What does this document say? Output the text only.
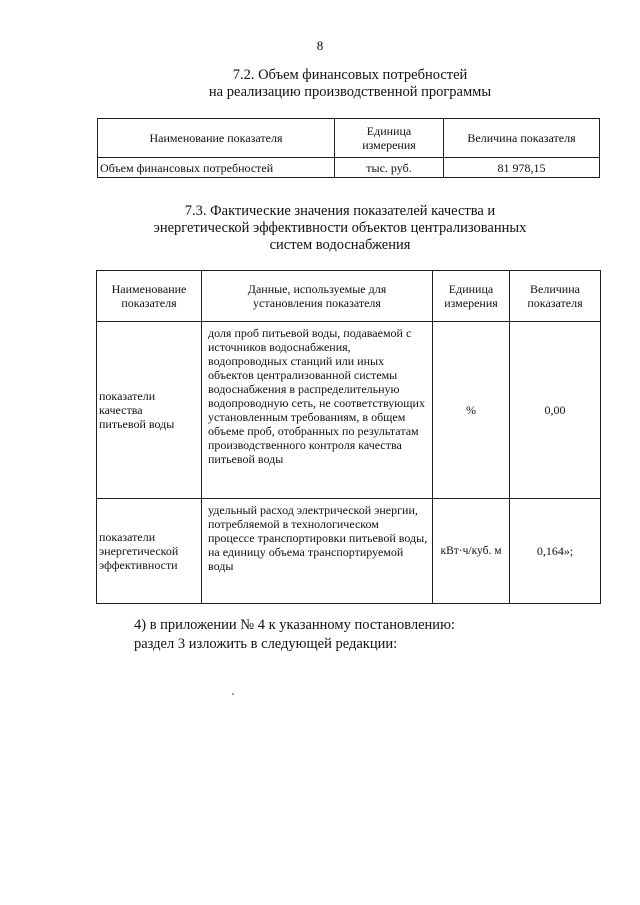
8
7.2. Объем финансовых потребностей
на реализацию производственной программы
Наименование показателя	Единица измерения	Величина показателя
Объем финансовых потребностей	тыс. руб.	81 978,15
7.3. Фактические значения показателей качества и
энергетической эффективности объектов централизованных
систем водоснабжения
Наименование показателя	Данные, используемые для установления показателя	Единица измерения	Величина показателя

показатели качества питьевой воды	доля проб питьевой воды, подаваемой с источников водоснабжения, водопроводных станций или иных объектов централизованной системы водоснабжения в распределительную водопроводную сеть, не соответствующих установленным требованиям, в общем объеме проб, отобранных по результатам производственного контроля качества питьевой воды	%	0,00

показатели энергетической эффективности	удельный расход электрической энергии, потребляемой в технологическом процессе транспортировки питьевой воды, на единицу объема транспортируемой воды	кВт·ч/куб. м	0,164»;
4) в приложении № 4 к указанному постановлению:
раздел 3 изложить в следующей редакции:
